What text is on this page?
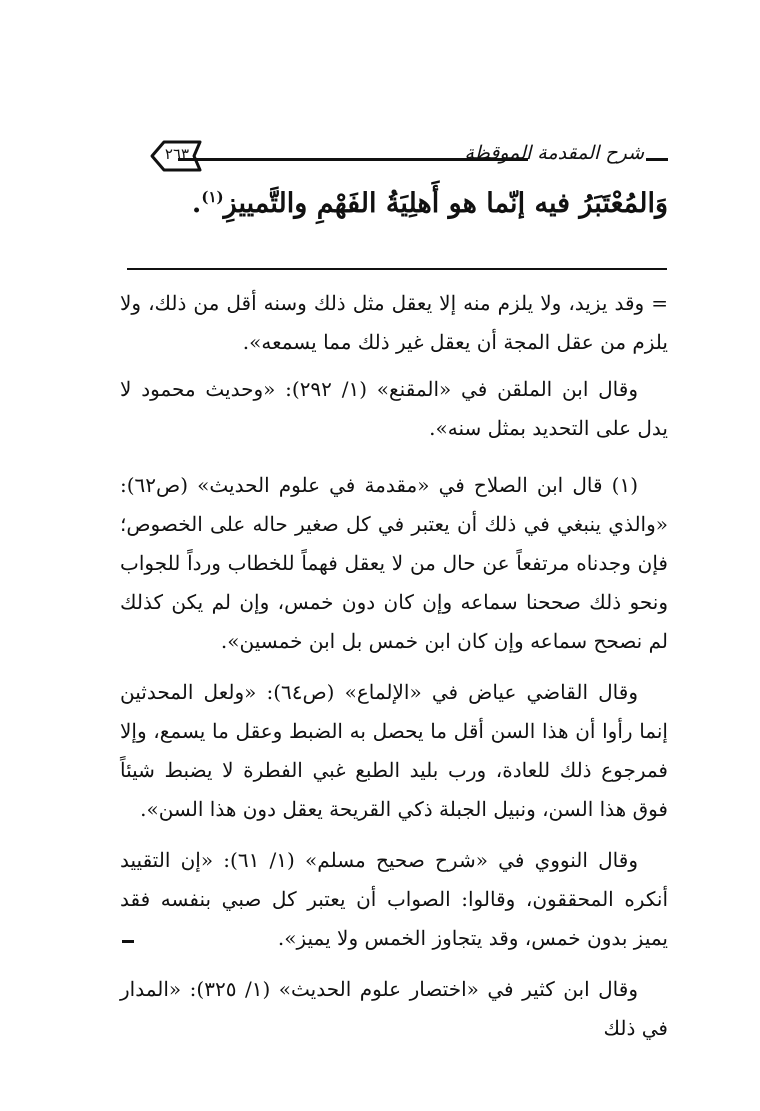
٢٦٣	شرح المقدمة الموقظة
وَالمُعْتَبَرُ فيه إنّما هو أَهلِيَةُ الفَهْمِ والتَّمييزِ$^{(١)}$.

= وقد يزيد، ولا يلزم منه إلا يعقل مثل ذلك وسنه أقل من ذلك، ولا يلزم من عقل المجة أن يعقل غير ذلك مما يسمعه».

وقال ابن الملقن في «المقنع» (١/ ٢٩٢): «وحديث محمود لا يدل على التحديد بمثل سنه».

(١) قال ابن الصلاح في «مقدمة في علوم الحديث» (ص٦٢): «والذي ينبغي في ذلك أن يعتبر في كل صغير حاله على الخصوص؛ فإن وجدناه مرتفعاً عن حال من لا يعقل فهماً للخطاب ورداً للجواب ونحو ذلك صححنا سماعه وإن كان دون خمس، وإن لم يكن كذلك لم نصحح سماعه وإن كان ابن خمس بل ابن خمسين».

وقال القاضي عياض في «الإلماع» (ص٦٤): «ولعل المحدثين إنما رأوا أن هذا السن أقل ما يحصل به الضبط وعقل ما يسمع، وإلا فمرجوع ذلك للعادة، ورب بليد الطبع غبي الفطرة لا يضبط شيئاً فوق هذا السن، ونبيل الجبلة ذكي القريحة يعقل دون هذا السن».

وقال النووي في «شرح صحيح مسلم» (١/ ٦١): «إن التقييد أنكره المحققون، وقالوا: الصواب أن يعتبر كل صبي بنفسه فقد يميز بدون خمس، وقد يتجاوز الخمس ولا يميز».

وقال ابن كثير في «اختصار علوم الحديث» (١/ ٣٢٥): «المدار في ذلك
